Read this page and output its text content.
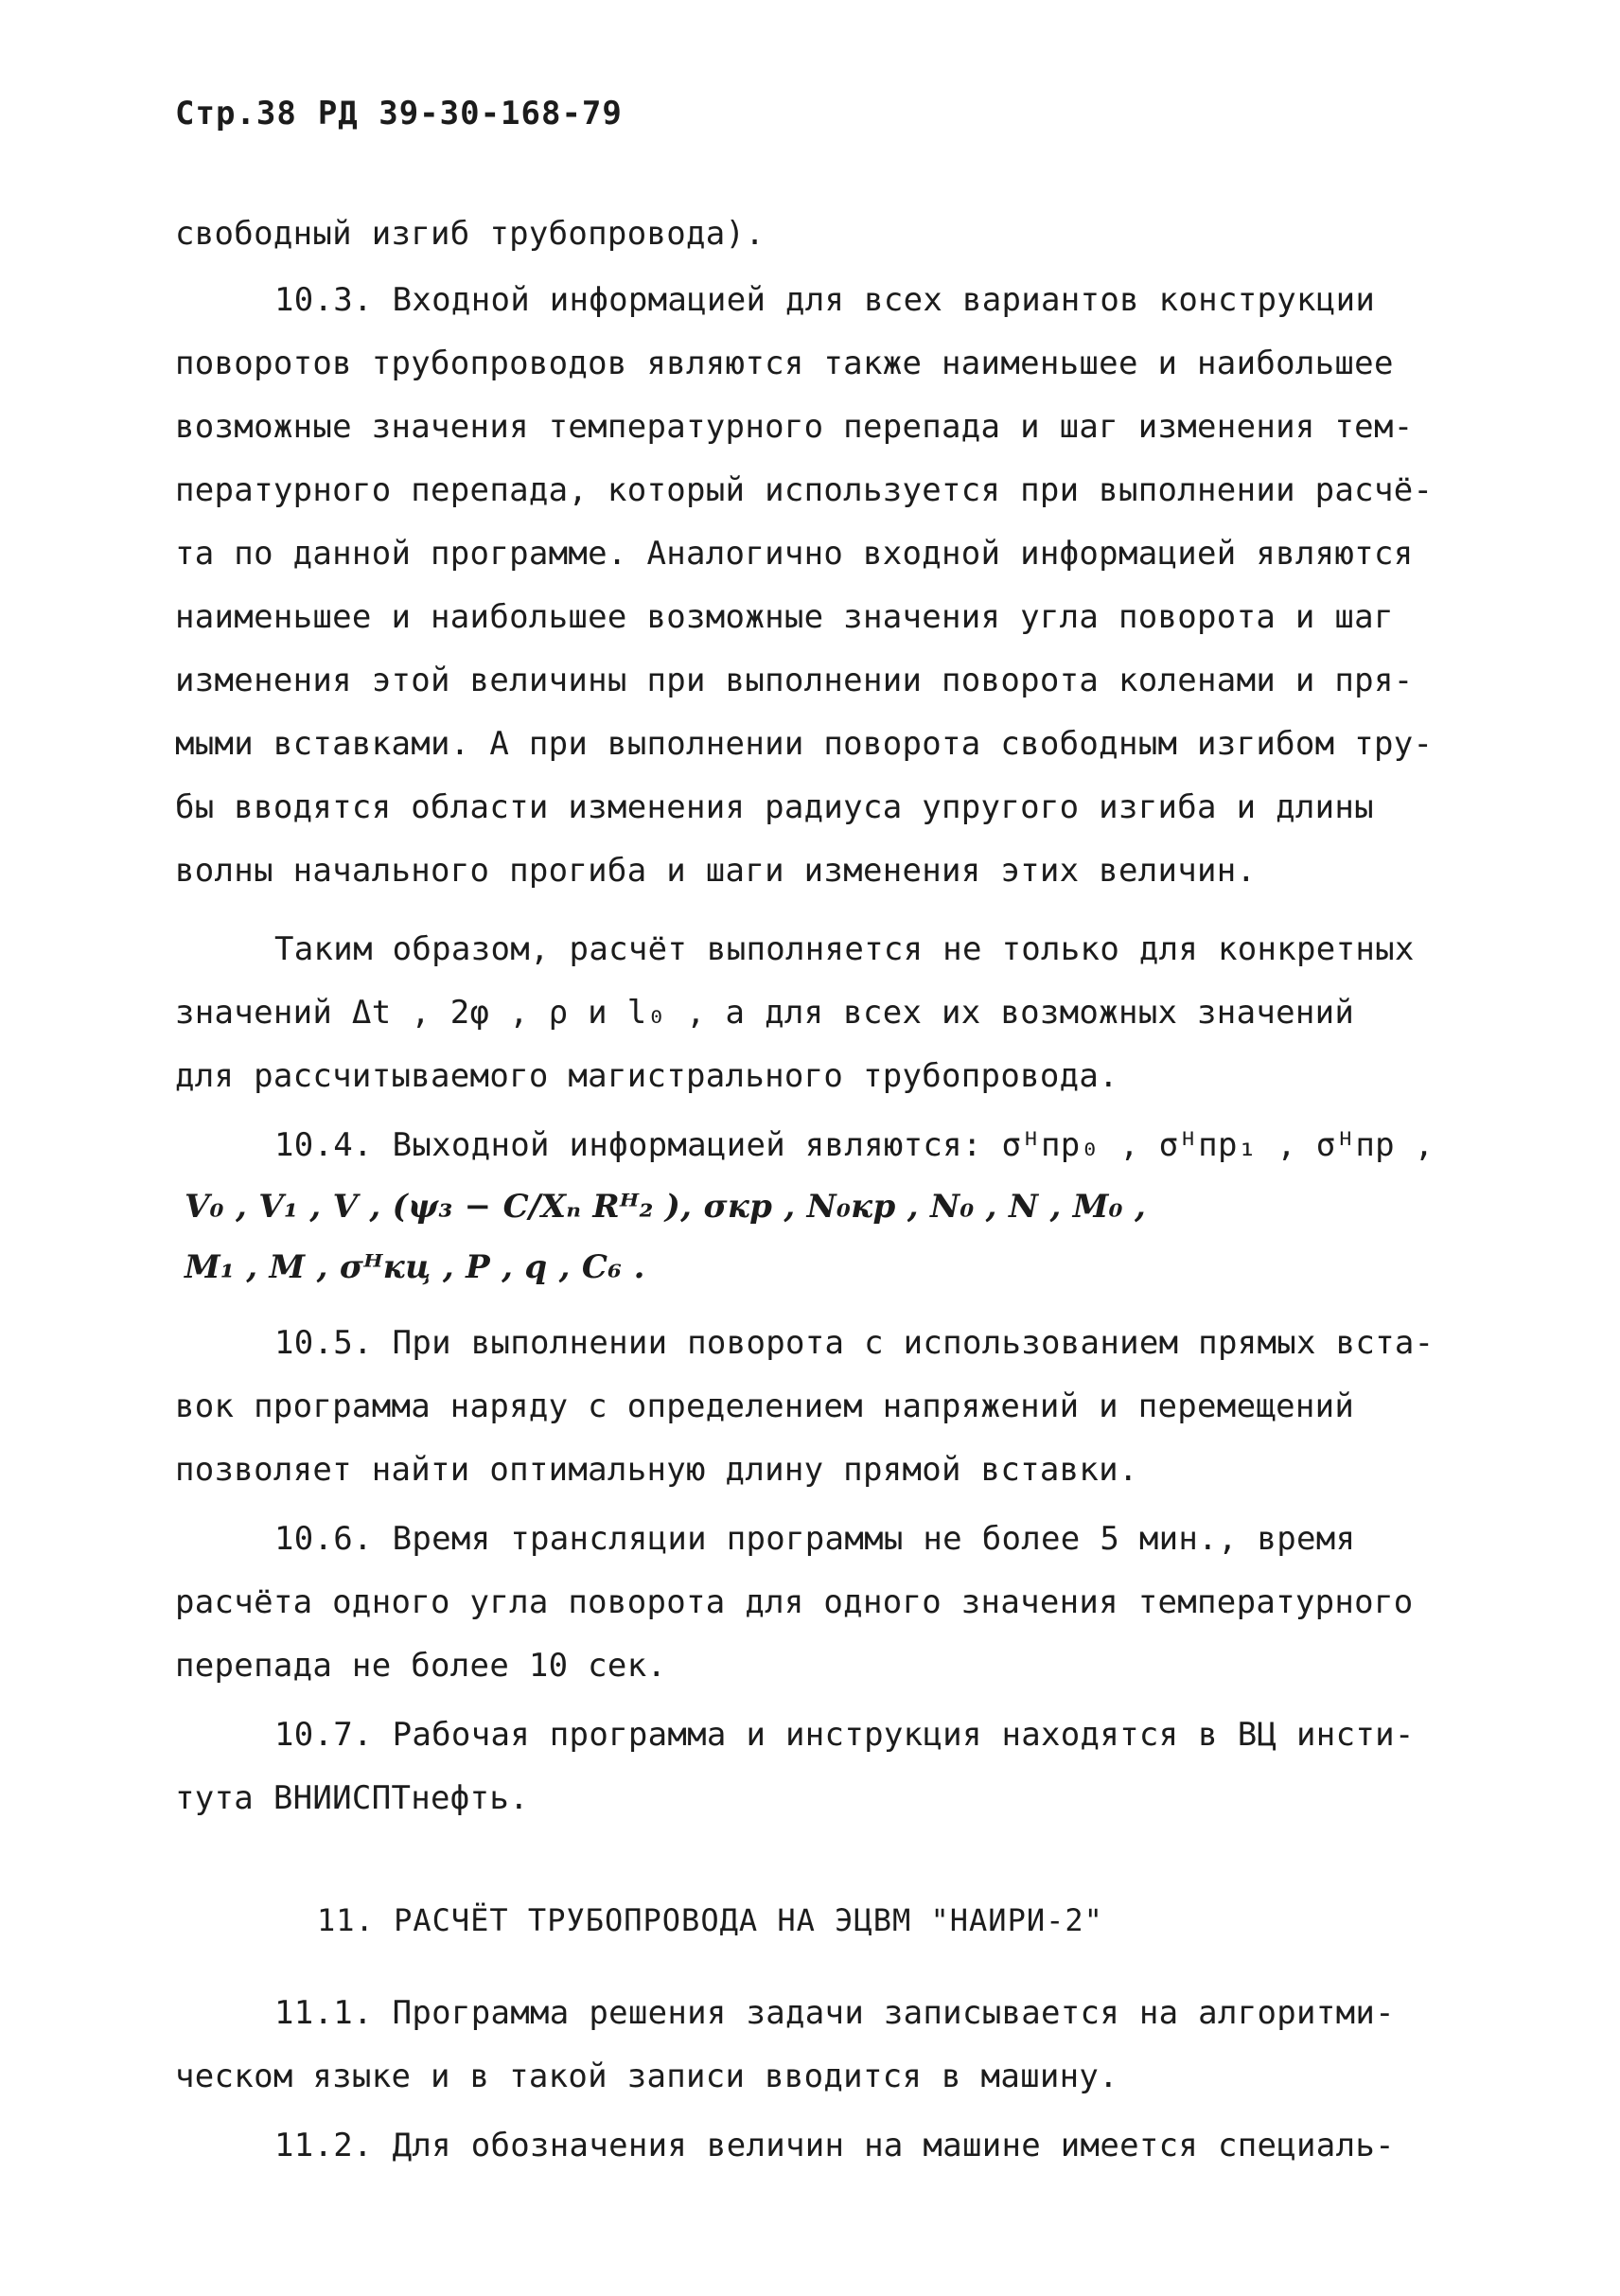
Стр.38 РД 39-30-168-79
свободный изгиб трубопровода).
10.3. Входной информацией для всех вариантов конструкции
поворотов трубопроводов являются также наименьшее и наибольшее
возможные значения температурного перепада и шаг изменения тем-
пературного перепада, который используется при выполнении расчё-
та по данной программе. Аналогично входной информацией являются
наименьшее и наибольшее возможные значения угла поворота и шаг
изменения этой величины при выполнении поворота коленами и пря-
мыми вставками. А при выполнении поворота свободным изгибом тру-
бы вводятся области изменения радиуса упругого изгиба и длины
волны начального прогиба и шаги изменения этих величин.
Таким образом, расчёт выполняется не только для конкретных
значений Δt , 2φ , ρ и l₀ , а для всех их возможных значений
для рассчитываемого магистрального трубопровода.
10.4. Выходной информацией являются: σᴴпр₀ , σᴴпр₁ , σᴴпр ,
V₀ , V₁ , V , (ψ₃ − C/Xₙ Rᴴ₂ ), σкр , N₀кр , N₀ , N , M₀ ,
M₁ , M , σᴴкц , P , q , C₆ .
10.5. При выполнении поворота с использованием прямых вста-
вок программа наряду с определением напряжений и перемещений
позволяет найти оптимальную длину прямой вставки.
10.6. Время трансляции программы не более 5 мин., время
расчёта одного угла поворота для одного значения температурного
перепада не более 10 сек.
10.7. Рабочая программа и инструкция находятся в ВЦ инсти-
тута ВНИИСПТнефть.
11. РАСЧЁТ ТРУБОПРОВОДА НА ЭЦВМ "НАИРИ-2"
11.1. Программа решения задачи записывается на алгоритми-
ческом языке и в такой записи вводится в машину.
11.2. Для обозначения величин на машине имеется специаль-
